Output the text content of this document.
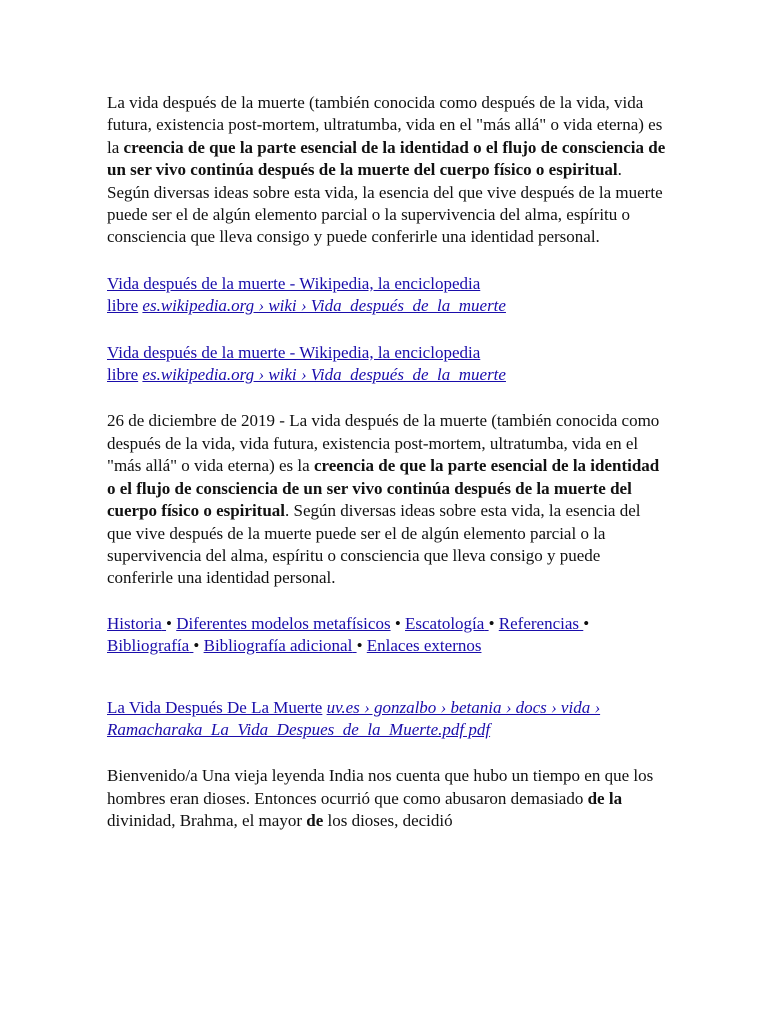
La vida después de la muerte (también conocida como después de la vida, vida futura, existencia post-mortem, ultratumba, vida en el "más allá" o vida eterna) es la creencia de que la parte esencial de la identidad o el flujo de consciencia de un ser vivo continúa después de la muerte del cuerpo físico o espiritual. Según diversas ideas sobre esta vida, la esencia del que vive después de la muerte puede ser el de algún elemento parcial o la supervivencia del alma, espíritu o consciencia que lleva consigo y puede conferirle una identidad personal.

Vida después de la muerte - Wikipedia, la enciclopedia
libre es.wikipedia.org › wiki › Vida_después_de_la_muerte

Vida después de la muerte - Wikipedia, la enciclopedia
libre es.wikipedia.org › wiki › Vida_después_de_la_muerte

26 de diciembre de 2019 - La vida después de la muerte (también conocida como después de la vida, vida futura, existencia post-mortem, ultratumba, vida en el "más allá" o vida eterna) es la creencia de que la parte esencial de la identidad o el flujo de consciencia de un ser vivo continúa después de la muerte del cuerpo físico o espiritual. Según diversas ideas sobre esta vida, la esencia del que vive después de la muerte puede ser el de algún elemento parcial o la supervivencia del alma, espíritu o consciencia que lleva consigo y puede conferirle una identidad personal.

Historia • Diferentes modelos metafísicos • Escatología • Referencias • Bibliografía • Bibliografía adicional • Enlaces externos

La Vida Después De La Muerte uv.es › gonzalbo › betania › docs › vida › Ramacharaka_La_Vida_Despues_de_la_Muerte.pdf pdf

Bienvenido/a Una vieja leyenda India nos cuenta que hubo un tiempo en que los hombres eran dioses. Entonces ocurrió que como abusaron demasiado de la divinidad, Brahma, el mayor de los dioses, decidió
